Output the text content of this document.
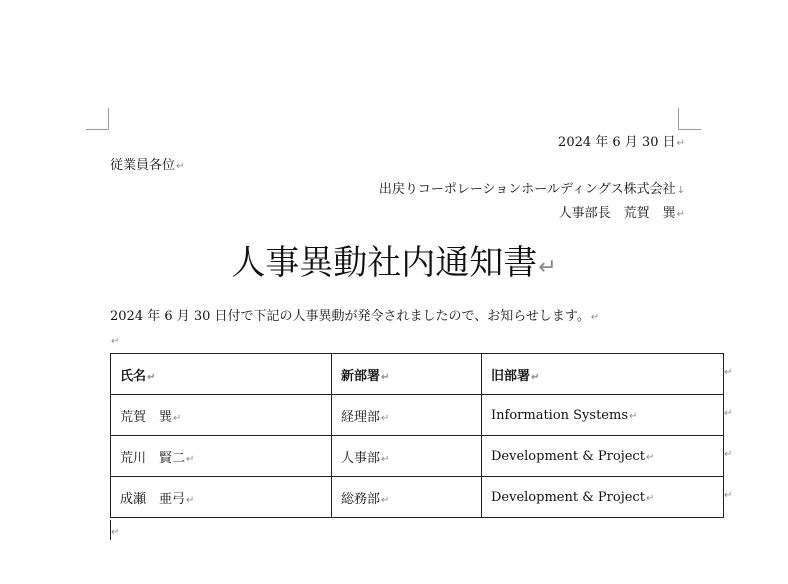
2024 年 6 月 30 日↵
従業員各位↵
出戻りコーポレーションホールディングス株式会社↓
人事部長　荒賀　巽↵
人事異動社内通知書↵
2024 年 6 月 30 日付で下記の人事異動が発令されましたので、お知らせします。↵
↵
氏名↵	新部署↵	旧部署↵
荒賀　巽↵	経理部↵	Information Systems↵
荒川　賢二↵	人事部↵	Development & Project↵
成瀬　亜弓↵	総務部↵	Development & Project↵
↵
↵
↵
↵
↵
